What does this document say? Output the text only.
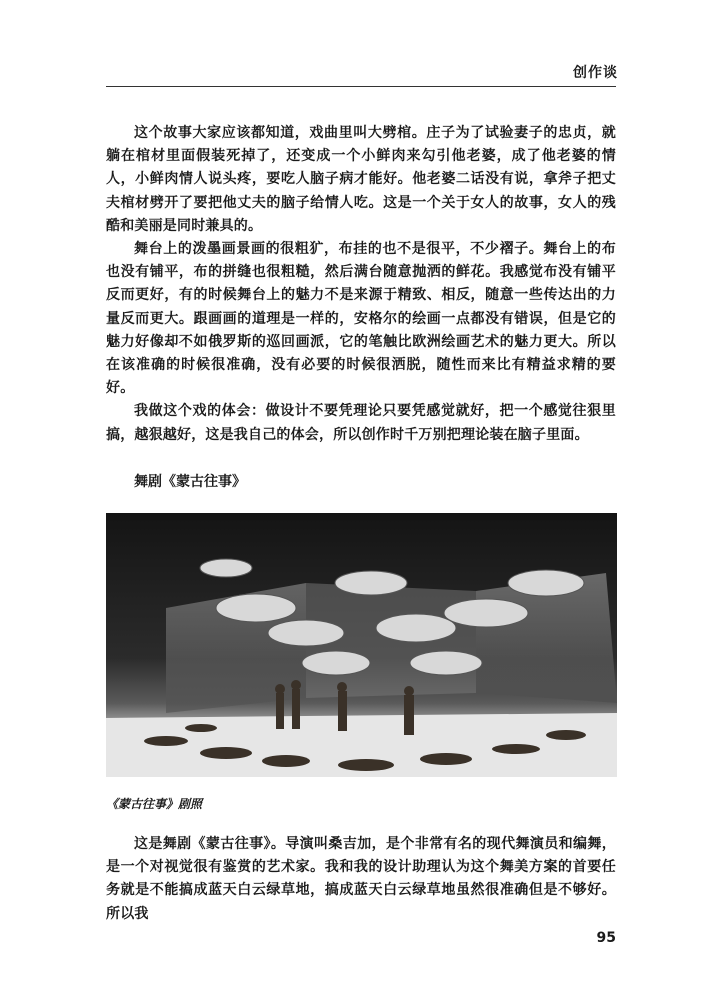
创作谈

这个故事大家应该都知道，戏曲里叫大劈棺。庄子为了试验妻子的忠贞，就躺在棺材里面假装死掉了，还变成一个小鲜肉来勾引他老婆，成了他老婆的情人，小鲜肉情人说头疼，要吃人脑子病才能好。他老婆二话没有说，拿斧子把丈夫棺材劈开了要把他丈夫的脑子给情人吃。这是一个关于女人的故事，女人的残酷和美丽是同时兼具的。

舞台上的泼墨画景画的很粗犷，布挂的也不是很平，不少褶子。舞台上的布也没有铺平，布的拼缝也很粗糙，然后满台随意抛洒的鲜花。我感觉布没有铺平反而更好，有的时候舞台上的魅力不是来源于精致、相反，随意一些传达出的力量反而更大。跟画画的道理是一样的，安格尔的绘画一点都没有错误，但是它的魅力好像却不如俄罗斯的巡回画派，它的笔触比欧洲绘画艺术的魅力更大。所以在该准确的时候很准确，没有必要的时候很洒脱，随性而来比有精益求精的要好。

我做这个戏的体会：做设计不要凭理论只要凭感觉就好，把一个感觉往狠里搞，越狠越好，这是我自己的体会，所以创作时千万别把理论装在脑子里面。

舞剧《蒙古往事》
《蒙古往事》剧照

这是舞剧《蒙古往事》。导演叫桑吉加，是个非常有名的现代舞演员和编舞，是一个对视觉很有鉴赏的艺术家。我和我的设计助理认为这个舞美方案的首要任务就是不能搞成蓝天白云绿草地，搞成蓝天白云绿草地虽然很准确但是不够好。所以我

95
